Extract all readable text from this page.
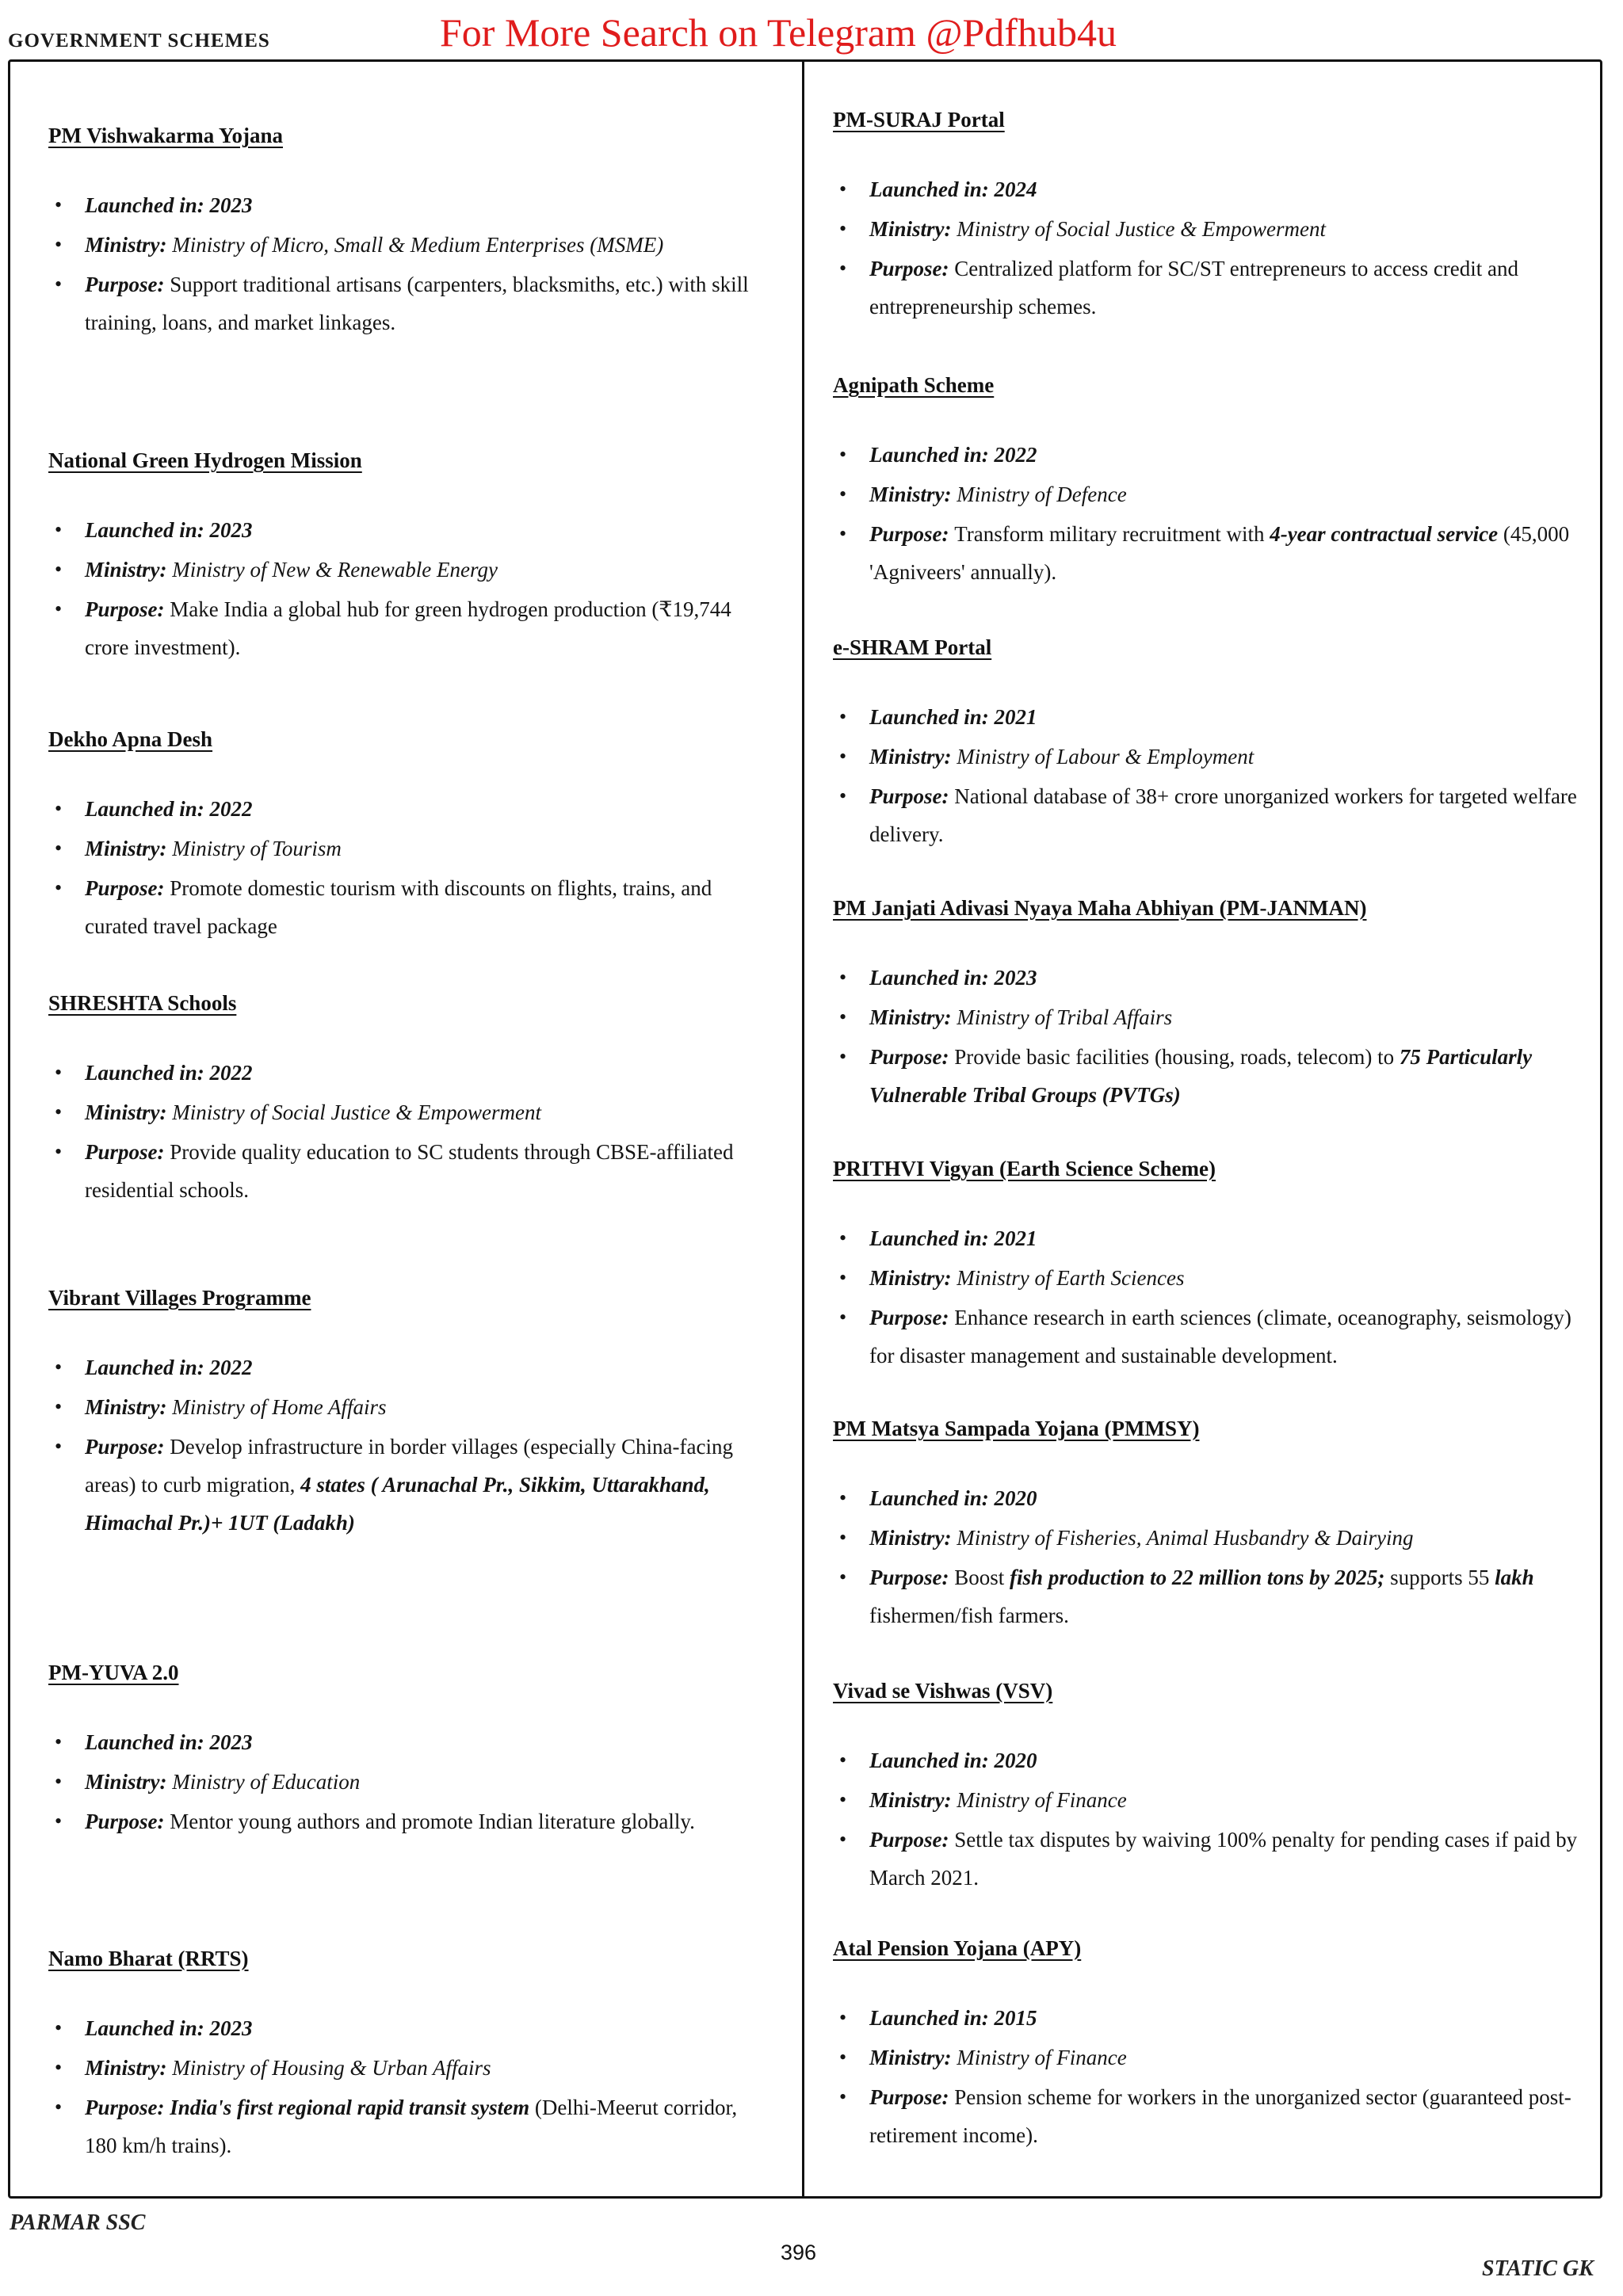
GOVERNMENT SCHEMES	For More Search on Telegram @Pdfhub4u
PM Vishwakarma Yojana
• Launched in: 2023
• Ministry: Ministry of Micro, Small & Medium Enterprises (MSME)
• Purpose: Support traditional artisans (carpenters, blacksmiths, etc.) with skill training, loans, and market linkages.
National Green Hydrogen Mission
• Launched in: 2023
• Ministry: Ministry of New & Renewable Energy
• Purpose: Make India a global hub for green hydrogen production (₹19,744 crore investment).
Dekho Apna Desh
• Launched in: 2022
• Ministry: Ministry of Tourism
• Purpose: Promote domestic tourism with discounts on flights, trains, and curated travel package
SHRESHTA Schools
• Launched in: 2022
• Ministry: Ministry of Social Justice & Empowerment
• Purpose: Provide quality education to SC students through CBSE-affiliated residential schools.
Vibrant Villages Programme
• Launched in: 2022
• Ministry: Ministry of Home Affairs
• Purpose: Develop infrastructure in border villages (especially China-facing areas) to curb migration, 4 states ( Arunachal Pr., Sikkim, Uttarakhand, Himachal Pr.)+ 1UT (Ladakh)
PM-YUVA 2.0
• Launched in: 2023
• Ministry: Ministry of Education
• Purpose: Mentor young authors and promote Indian literature globally.
Namo Bharat (RRTS)
• Launched in: 2023
• Ministry: Ministry of Housing & Urban Affairs
• Purpose: India's first regional rapid transit system (Delhi-Meerut corridor, 180 km/h trains).
PM-SURAJ Portal
• Launched in: 2024
• Ministry: Ministry of Social Justice & Empowerment
• Purpose: Centralized platform for SC/ST entrepreneurs to access credit and entrepreneurship schemes.
Agnipath Scheme
• Launched in: 2022
• Ministry: Ministry of Defence
• Purpose: Transform military recruitment with 4-year contractual service (45,000 'Agniveers' annually).
e-SHRAM Portal
• Launched in: 2021
• Ministry: Ministry of Labour & Employment
• Purpose: National database of 38+ crore unorganized workers for targeted welfare delivery.
PM Janjati Adivasi Nyaya Maha Abhiyan (PM-JANMAN)
• Launched in: 2023
• Ministry: Ministry of Tribal Affairs
• Purpose: Provide basic facilities (housing, roads, telecom) to 75 Particularly Vulnerable Tribal Groups (PVTGs)
PRITHVI Vigyan (Earth Science Scheme)
• Launched in: 2021
• Ministry: Ministry of Earth Sciences
• Purpose: Enhance research in earth sciences (climate, oceanography, seismology) for disaster management and sustainable development.
PM Matsya Sampada Yojana (PMMSY)
• Launched in: 2020
• Ministry: Ministry of Fisheries, Animal Husbandry & Dairying
• Purpose: Boost fish production to 22 million tons by 2025; supports 55 lakh fishermen/fish farmers.
Vivad se Vishwas (VSV)
• Launched in: 2020
• Ministry: Ministry of Finance
• Purpose: Settle tax disputes by waiving 100% penalty for pending cases if paid by March 2021.
Atal Pension Yojana (APY)
• Launched in: 2015
• Ministry: Ministry of Finance
• Purpose: Pension scheme for workers in the unorganized sector (guaranteed post-retirement income).
PARMAR SSC
396
STATIC GK
